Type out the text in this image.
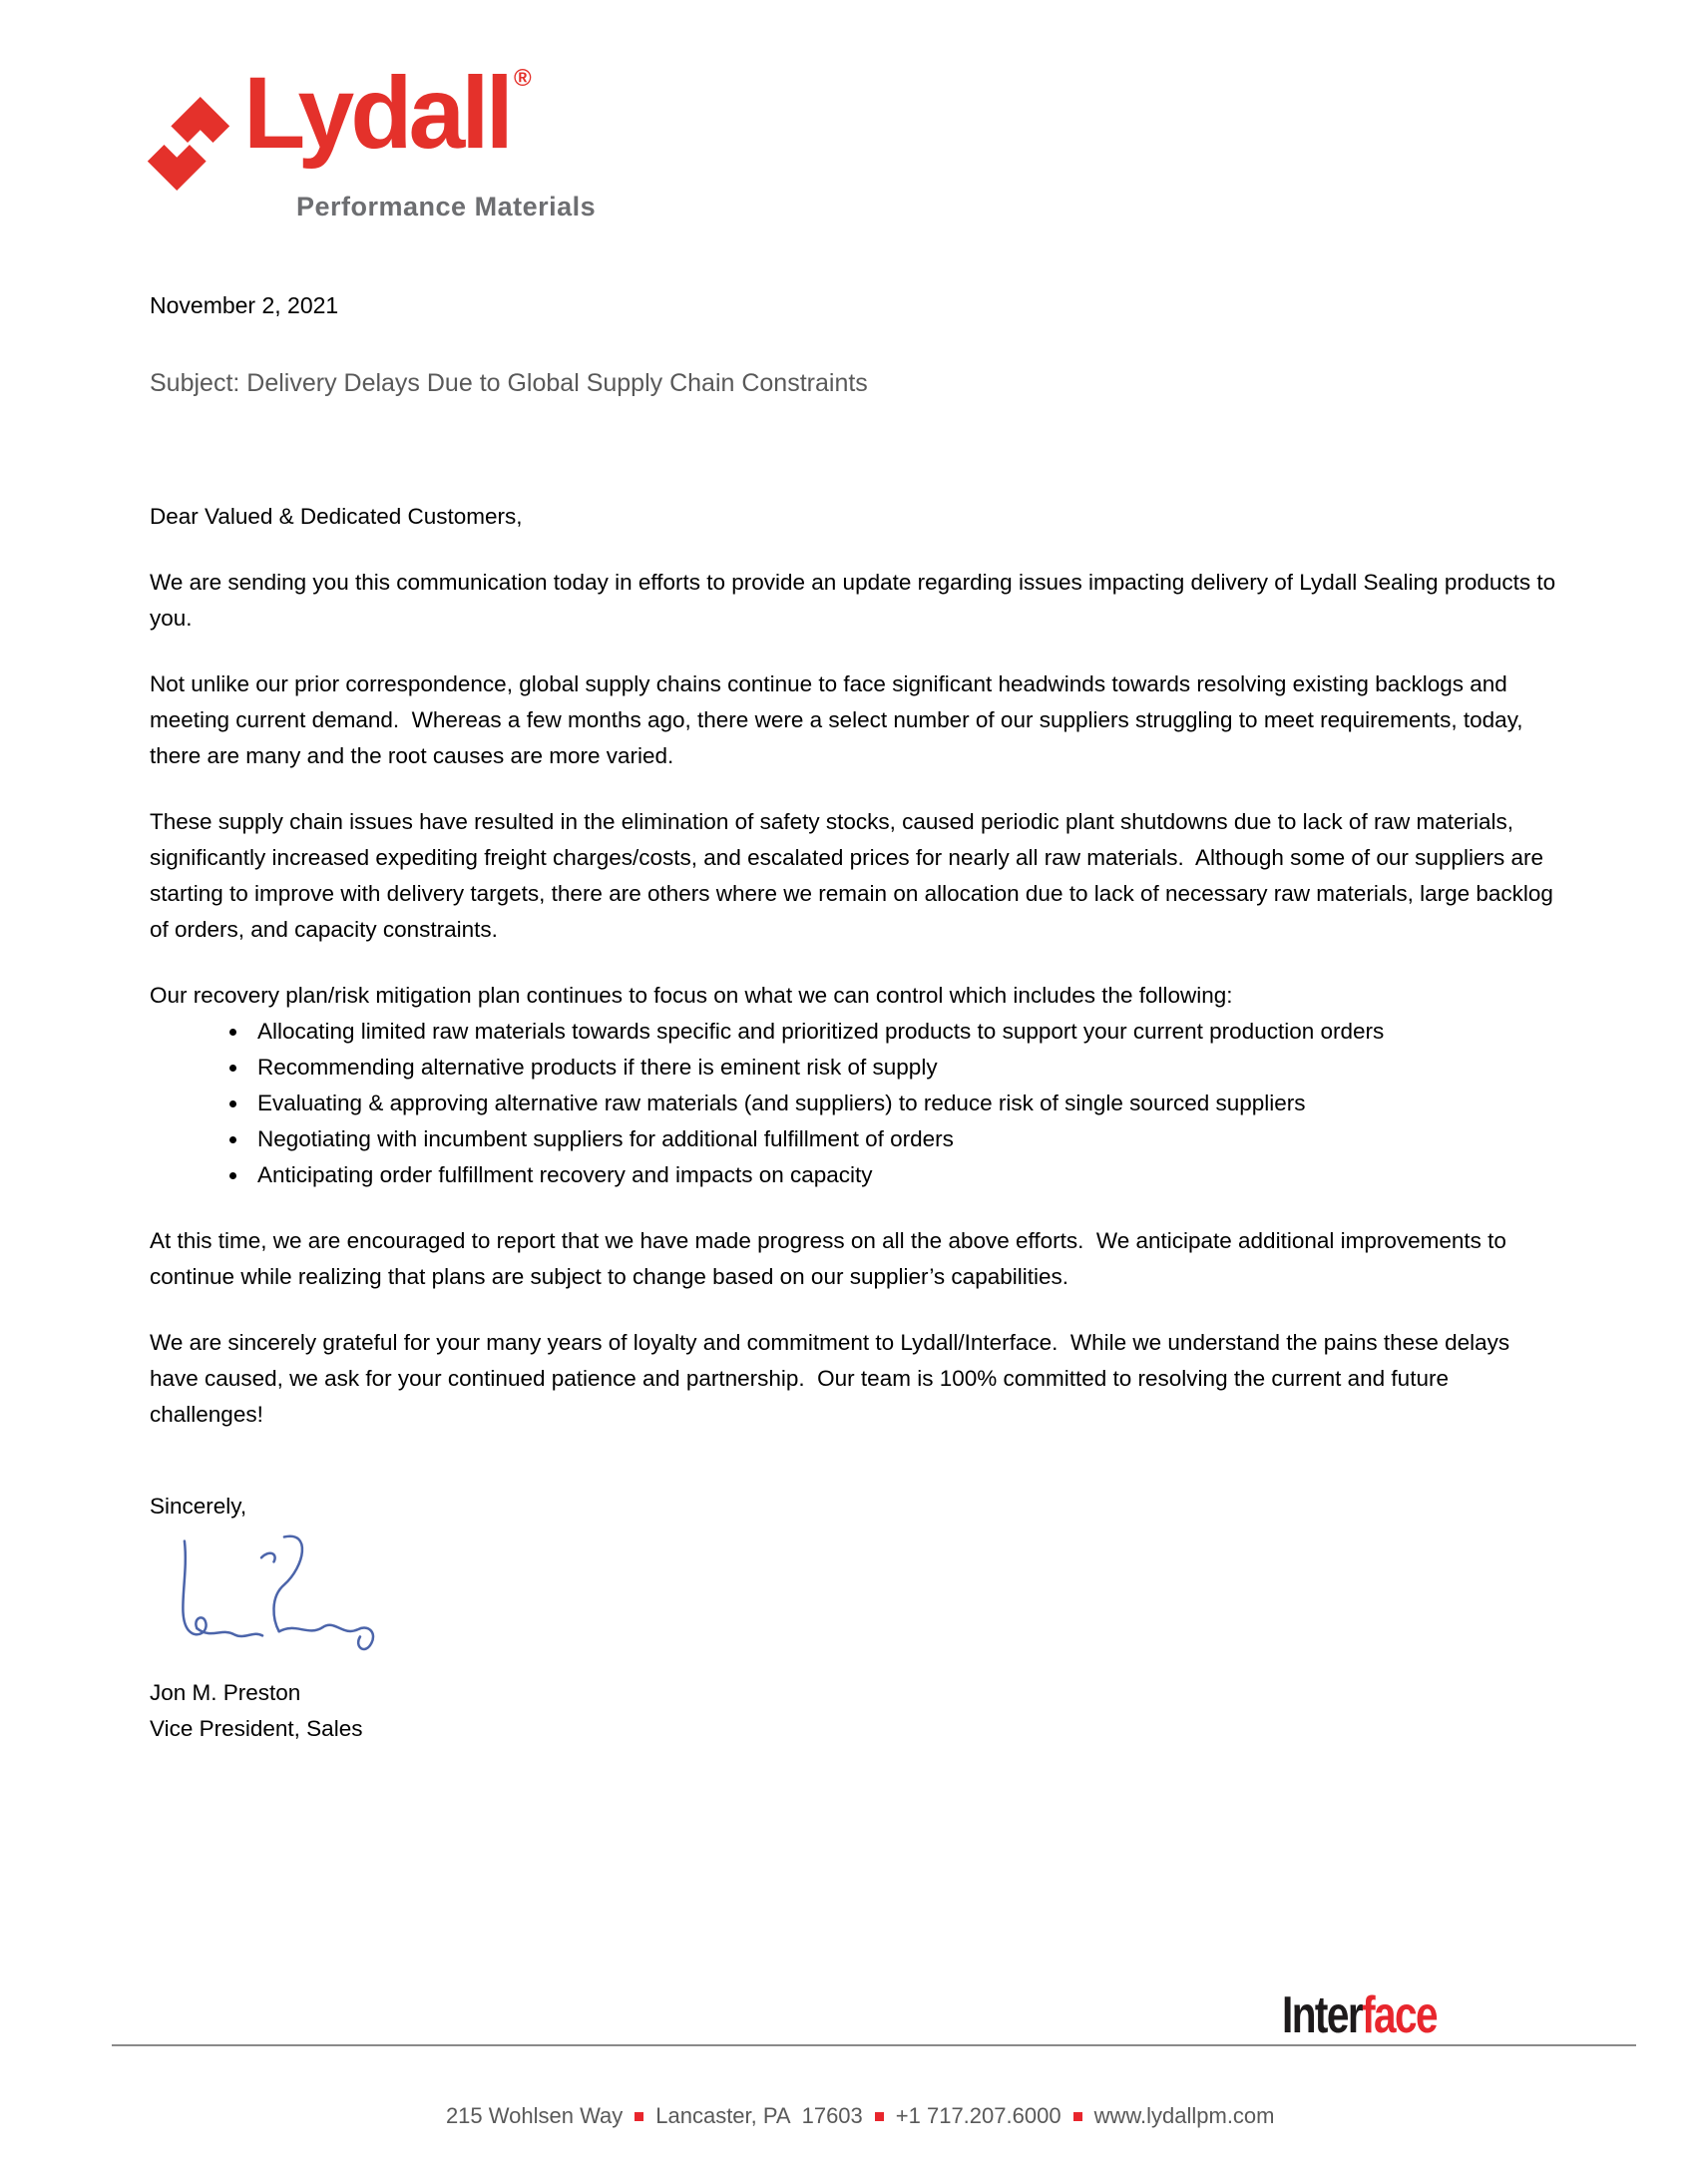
Lydall ®
Performance Materials
November 2, 2021
Subject: Delivery Delays Due to Global Supply Chain Constraints
Dear Valued & Dedicated Customers,

We are sending you this communication today in efforts to provide an update regarding issues impacting delivery of Lydall Sealing products to you.

Not unlike our prior correspondence, global supply chains continue to face significant headwinds towards resolving existing backlogs and meeting current demand.  Whereas a few months ago, there were a select number of our suppliers struggling to meet requirements, today, there are many and the root causes are more varied.

These supply chain issues have resulted in the elimination of safety stocks, caused periodic plant shutdowns due to lack of raw materials, significantly increased expediting freight charges/costs, and escalated prices for nearly all raw materials.  Although some of our suppliers are starting to improve with delivery targets, there are others where we remain on allocation due to lack of necessary raw materials, large backlog of orders, and capacity constraints.

Our recovery plan/risk mitigation plan continues to focus on what we can control which includes the following:

• Allocating limited raw materials towards specific and prioritized products to support your current production orders
• Recommending alternative products if there is eminent risk of supply
• Evaluating & approving alternative raw materials (and suppliers) to reduce risk of single sourced suppliers
• Negotiating with incumbent suppliers for additional fulfillment of orders
• Anticipating order fulfillment recovery and impacts on capacity

At this time, we are encouraged to report that we have made progress on all the above efforts.  We anticipate additional improvements to continue while realizing that plans are subject to change based on our supplier’s capabilities.

We are sincerely grateful for your many years of loyalty and commitment to Lydall/Interface.  While we understand the pains these delays have caused, we ask for your continued patience and partnership.  Our team is 100% committed to resolving the current and future challenges!

Sincerely,
Jon M. Preston
Vice President, Sales
Interface

215 Wohlsen Way Lancaster, PA  17603 +1 717.207.6000 www.lydallpm.com
